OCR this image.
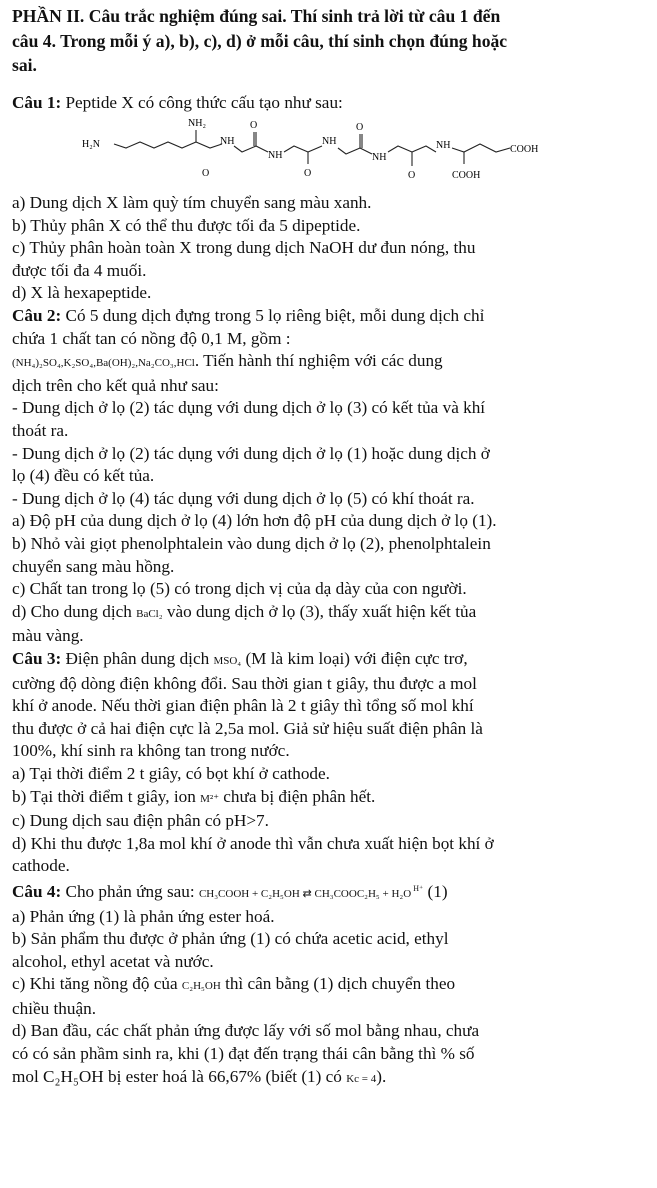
PHẦN II. Câu trắc nghiệm đúng sai. Thí sinh trả lời từ câu 1 đến
câu 4. Trong mỗi ý a), b), c), d) ở mỗi câu, thí sinh chọn đúng hoặc
sai.
Câu 1: Peptide X có công thức cấu tạo như sau:
H₂N
NH₂
NH
O
NH
O
NH
O
O
NH
NH
O
COOH
COOH
a) Dung dịch X làm quỳ tím chuyển sang màu xanh.
b) Thủy phân X có thể thu được tối đa 5 dipeptide.
c) Thủy phân hoàn toàn X trong dung dịch NaOH dư đun nóng, thu
được tối đa 4 muối.
d) X là hexapeptide.
Câu 2: Có 5 dung dịch đựng trong 5 lọ riêng biệt, mỗi dung dịch chỉ
chứa 1 chất tan có nồng độ 0,1 M, gồm :
(NH₄)₂SO₄,K₂SO₄,Ba(OH)₂,Na₂CO₃,HCl. Tiến hành thí nghiệm với các dung
dịch trên cho kết quả như sau:
- Dung dịch ở lọ (2) tác dụng với dung dịch ở lọ (3) có kết tủa và khí
thoát ra.
- Dung dịch ở lọ (2) tác dụng với dung dịch ở lọ (1) hoặc dung dịch ở
lọ (4) đều có kết tủa.
- Dung dịch ở lọ (4) tác dụng với dung dịch ở lọ (5) có khí thoát ra.
a) Độ pH của dung dịch ở lọ (4) lớn hơn độ pH của dung dịch ở lọ (1).
b) Nhỏ vài giọt phenolphtalein vào dung dịch ở lọ (2), phenolphtalein
chuyển sang màu hồng.
c) Chất tan trong lọ (5) có trong dịch vị của dạ dày của con người.
d) Cho dung dịch BaCl₂ vào dung dịch ở lọ (3), thấy xuất hiện kết tủa
màu vàng.
Câu 3: Điện phân dung dịch MSO₄ (M là kim loại) với điện cực trơ,
cường độ dòng điện không đổi. Sau thời gian t giây, thu được a mol
khí ở anode. Nếu thời gian điện phân là 2 t giây thì tổng số mol khí
thu được ở cả hai điện cực là 2,5a mol. Giả sử hiệu suất điện phân là
100%, khí sinh ra không tan trong nước.
a) Tại thời điểm 2 t giây, có bọt khí ở cathode.
b) Tại thời điểm t giây, ion M²⁺ chưa bị điện phân hết.
c) Dung dịch sau điện phân có pH>7.
d) Khi thu được 1,8a mol khí ở anode thì vẫn chưa xuất hiện bọt khí ở
cathode.
Câu 4: Cho phản ứng sau: CH₃COOH + C₂H₅OH ⇄ CH₃COOC₂H₅ + H₂O $^{H^+}$ (1)
a) Phản ứng (1) là phản ứng ester hoá.
b) Sản phẩm thu được ở phản ứng (1) có chứa acetic acid, ethyl
alcohol, ethyl acetat và nước.
c) Khi tăng nồng độ của C₂H₅OH thì cân bằng (1) dịch chuyển theo
chiều thuận.
d) Ban đầu, các chất phản ứng được lấy với số mol bằng nhau, chưa
có có sản phầm sinh ra, khi (1) đạt đến trạng thái cân bằng thì % số
mol C₂H₅OH bị ester hoá là 66,67% (biết (1) có Kc = 4).
